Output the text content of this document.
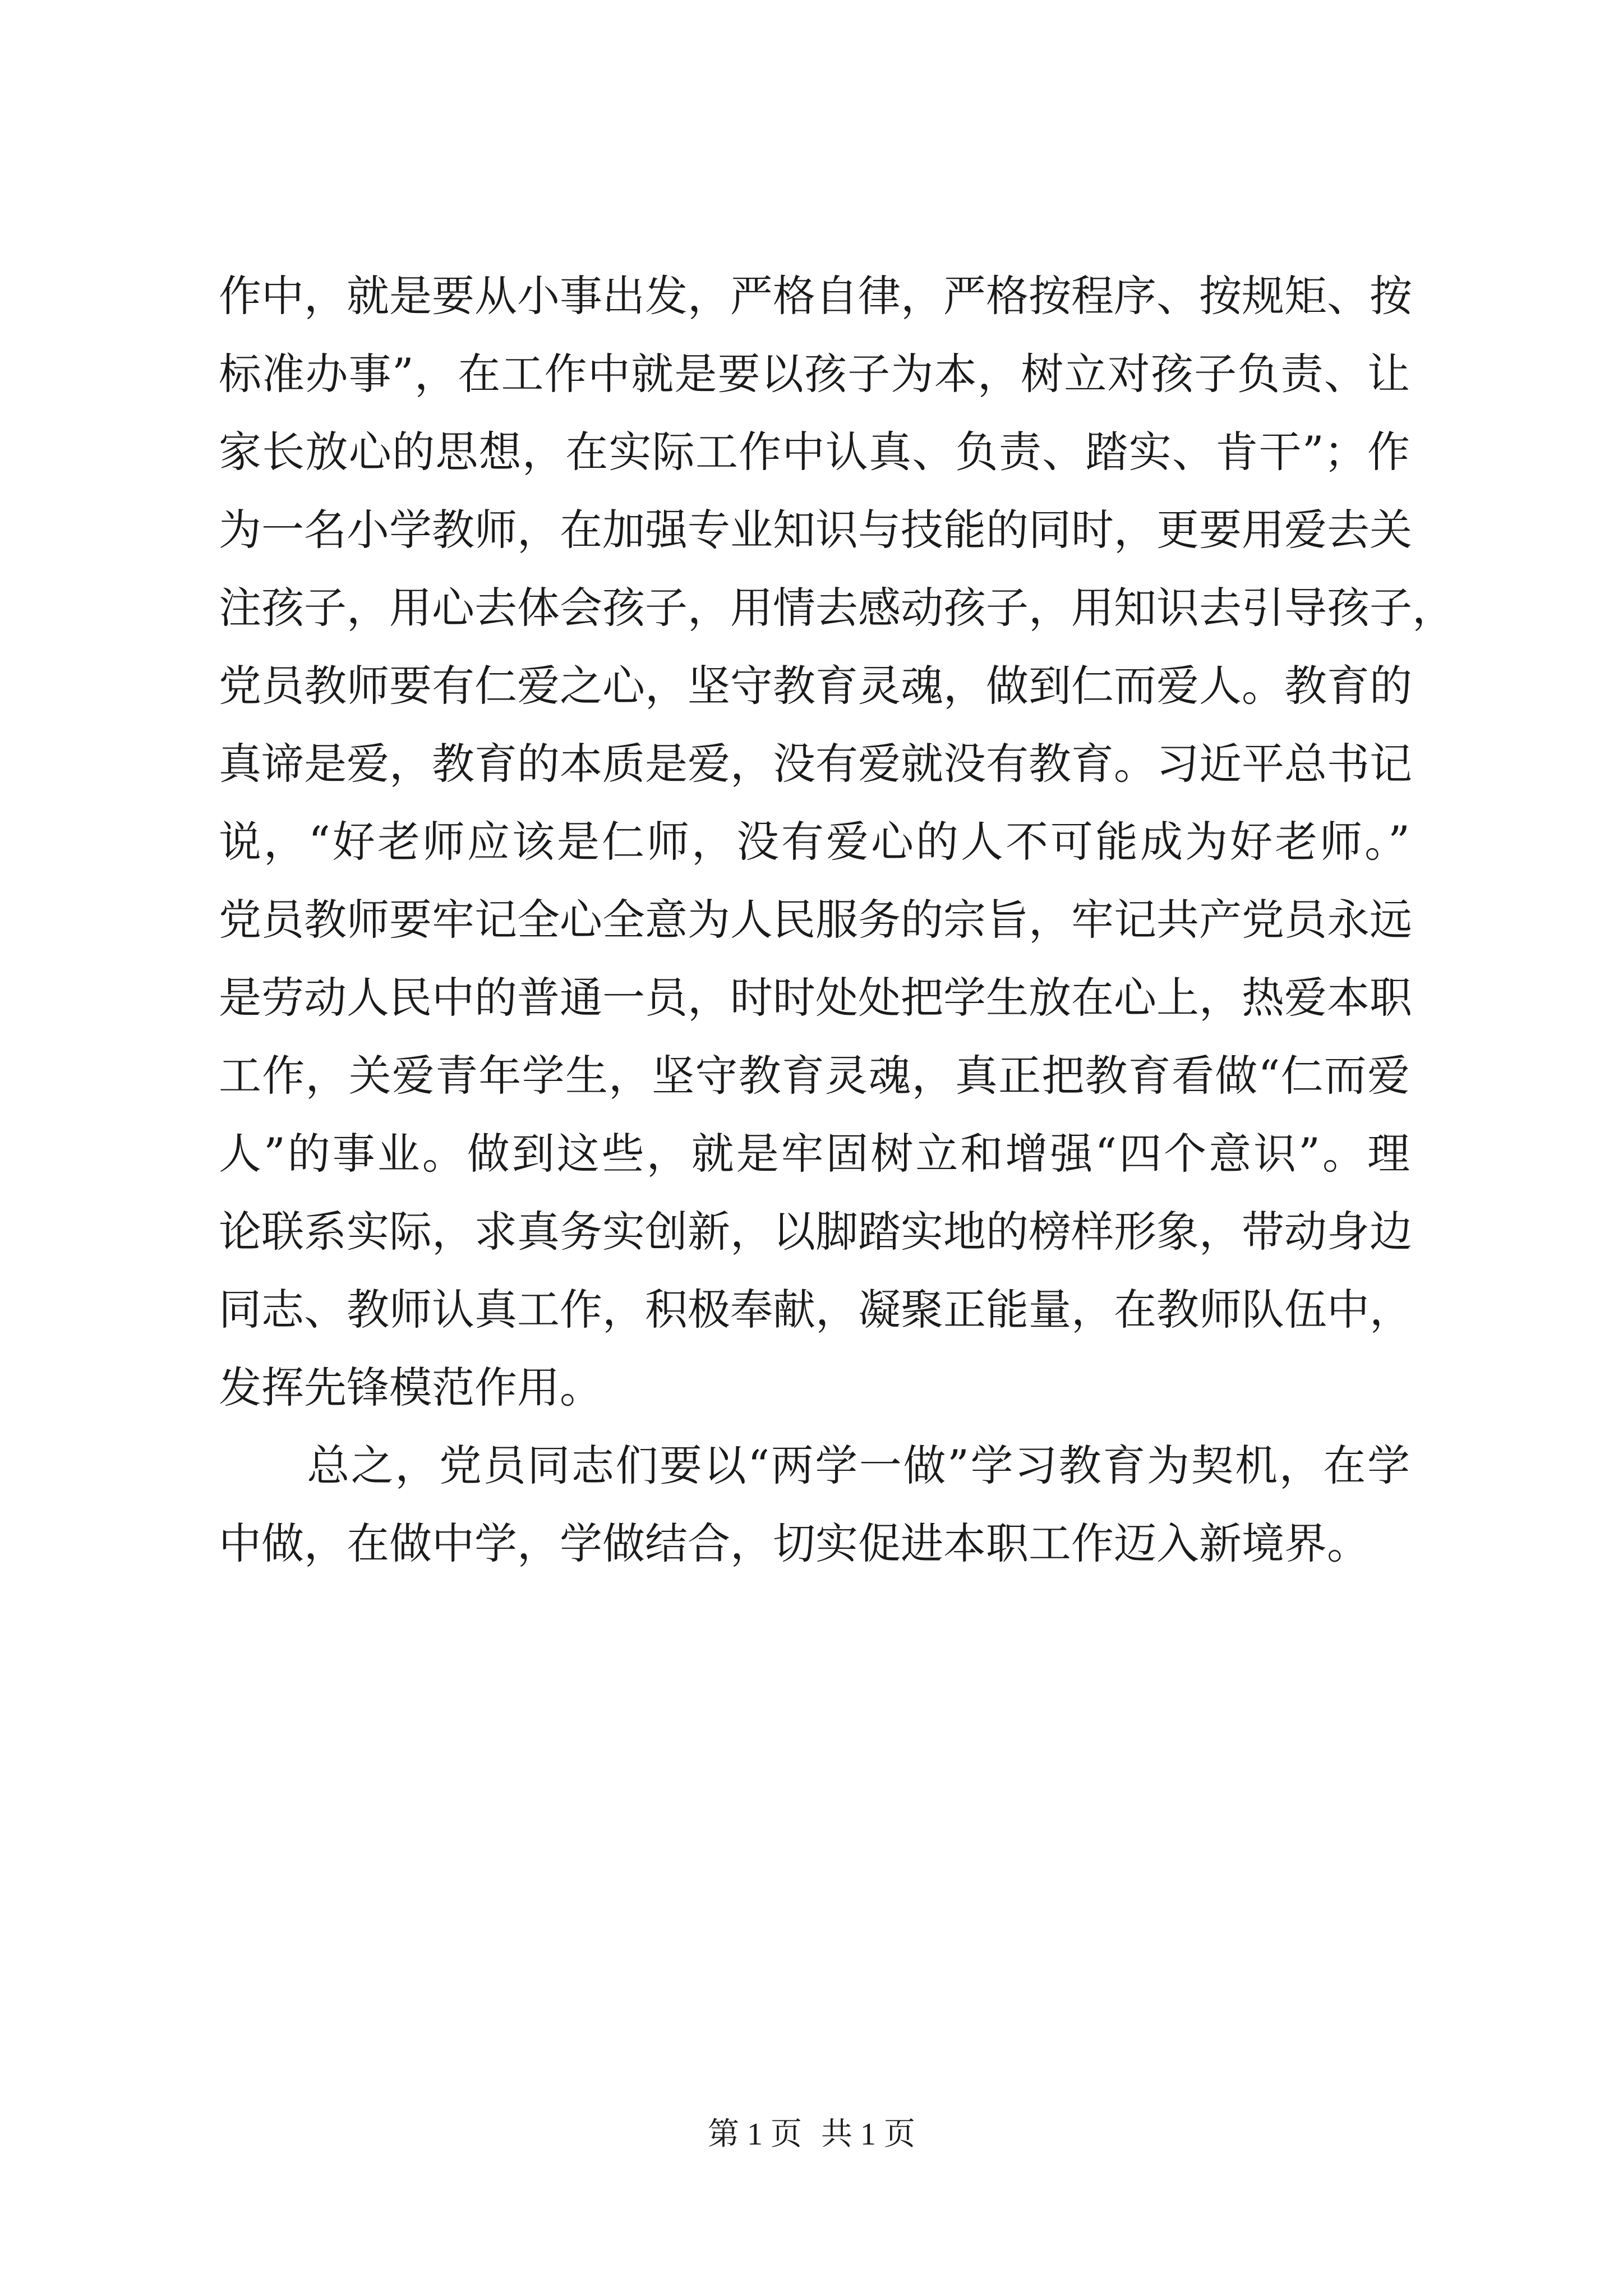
作中，就是要从小事出发，严格自律，严格按程序、按规矩、按
标准办事”，在工作中就是要以孩子为本，树立对孩子负责、让
家长放心的思想，在实际工作中认真、负责、踏实、肯干”；作
为一名小学教师，在加强专业知识与技能的同时，更要用爱去关
注孩子，用心去体会孩子，用情去感动孩子，用知识去引导孩子，
党员教师要有仁爱之心，坚守教育灵魂，做到仁而爱人。教育的
真谛是爱，教育的本质是爱，没有爱就没有教育。习近平总书记
说，“好老师应该是仁师，没有爱心的人不可能成为好老师。”
党员教师要牢记全心全意为人民服务的宗旨，牢记共产党员永远
是劳动人民中的普通一员，时时处处把学生放在心上，热爱本职
工作，关爱青年学生，坚守教育灵魂，真正把教育看做“仁而爱
人”的事业。做到这些，就是牢固树立和增强“四个意识”。理
论联系实际，求真务实创新，以脚踏实地的榜样形象，带动身边
同志、教师认真工作，积极奉献，凝聚正能量，在教师队伍中，
发挥先锋模范作用。
　　总之，党员同志们要以“两学一做”学习教育为契机，在学
中做，在做中学，学做结合，切实促进本职工作迈入新境界。
第 1 页 共 1 页
